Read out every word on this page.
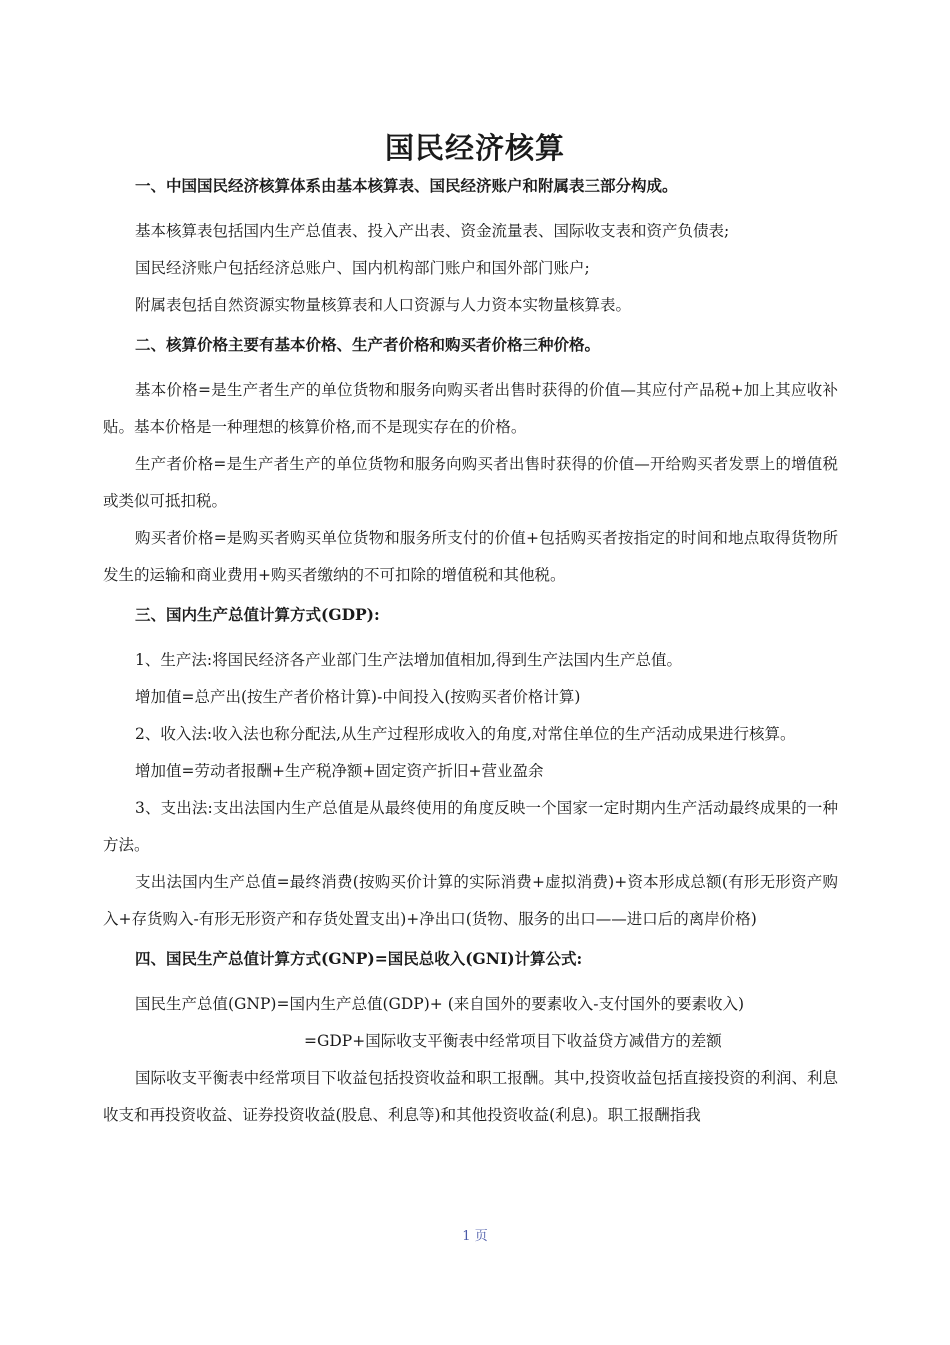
国民经济核算
一、中国国民经济核算体系由基本核算表、国民经济账户和附属表三部分构成。

基本核算表包括国内生产总值表、投入产出表、资金流量表、国际收支表和资产负债表;

国民经济账户包括经济总账户、国内机构部门账户和国外部门账户;

附属表包括自然资源实物量核算表和人口资源与人力资本实物量核算表。

二、核算价格主要有基本价格、生产者价格和购买者价格三种价格。

基本价格=是生产者生产的单位货物和服务向购买者出售时获得的价值—其应付产品税+加上其应收补贴。基本价格是一种理想的核算价格,而不是现实存在的价格。

生产者价格=是生产者生产的单位货物和服务向购买者出售时获得的价值—开给购买者发票上的增值税或类似可抵扣税。

购买者价格=是购买者购买单位货物和服务所支付的价值+包括购买者按指定的时间和地点取得货物所发生的运输和商业费用+购买者缴纳的不可扣除的增值税和其他税。

三、国内生产总值计算方式(GDP):

1、生产法:将国民经济各产业部门生产法增加值相加,得到生产法国内生产总值。

增加值=总产出(按生产者价格计算)-中间投入(按购买者价格计算)

2、收入法:收入法也称分配法,从生产过程形成收入的角度,对常住单位的生产活动成果进行核算。

增加值=劳动者报酬+生产税净额+固定资产折旧+营业盈余

3、支出法:支出法国内生产总值是从最终使用的角度反映一个国家一定时期内生产活动最终成果的一种方法。

支出法国内生产总值=最终消费(按购买价计算的实际消费+虚拟消费)+资本形成总额(有形无形资产购入+存货购入-有形无形资产和存货处置支出)+净出口(货物、服务的出口——进口后的离岸价格)

四、国民生产总值计算方式(GNP)=国民总收入(GNI)计算公式:
国民生产总值(GNP)=国内生产总值(GDP)+ (来自国外的要素收入-支付国外的要素收入)
=GDP+国际收支平衡表中经常项目下收益贷方减借方的差额

国际收支平衡表中经常项目下收益包括投资收益和职工报酬。其中,投资收益包括直接投资的利润、利息收支和再投资收益、证券投资收益(股息、利息等)和其他投资收益(利息)。职工报酬指我

1 页
